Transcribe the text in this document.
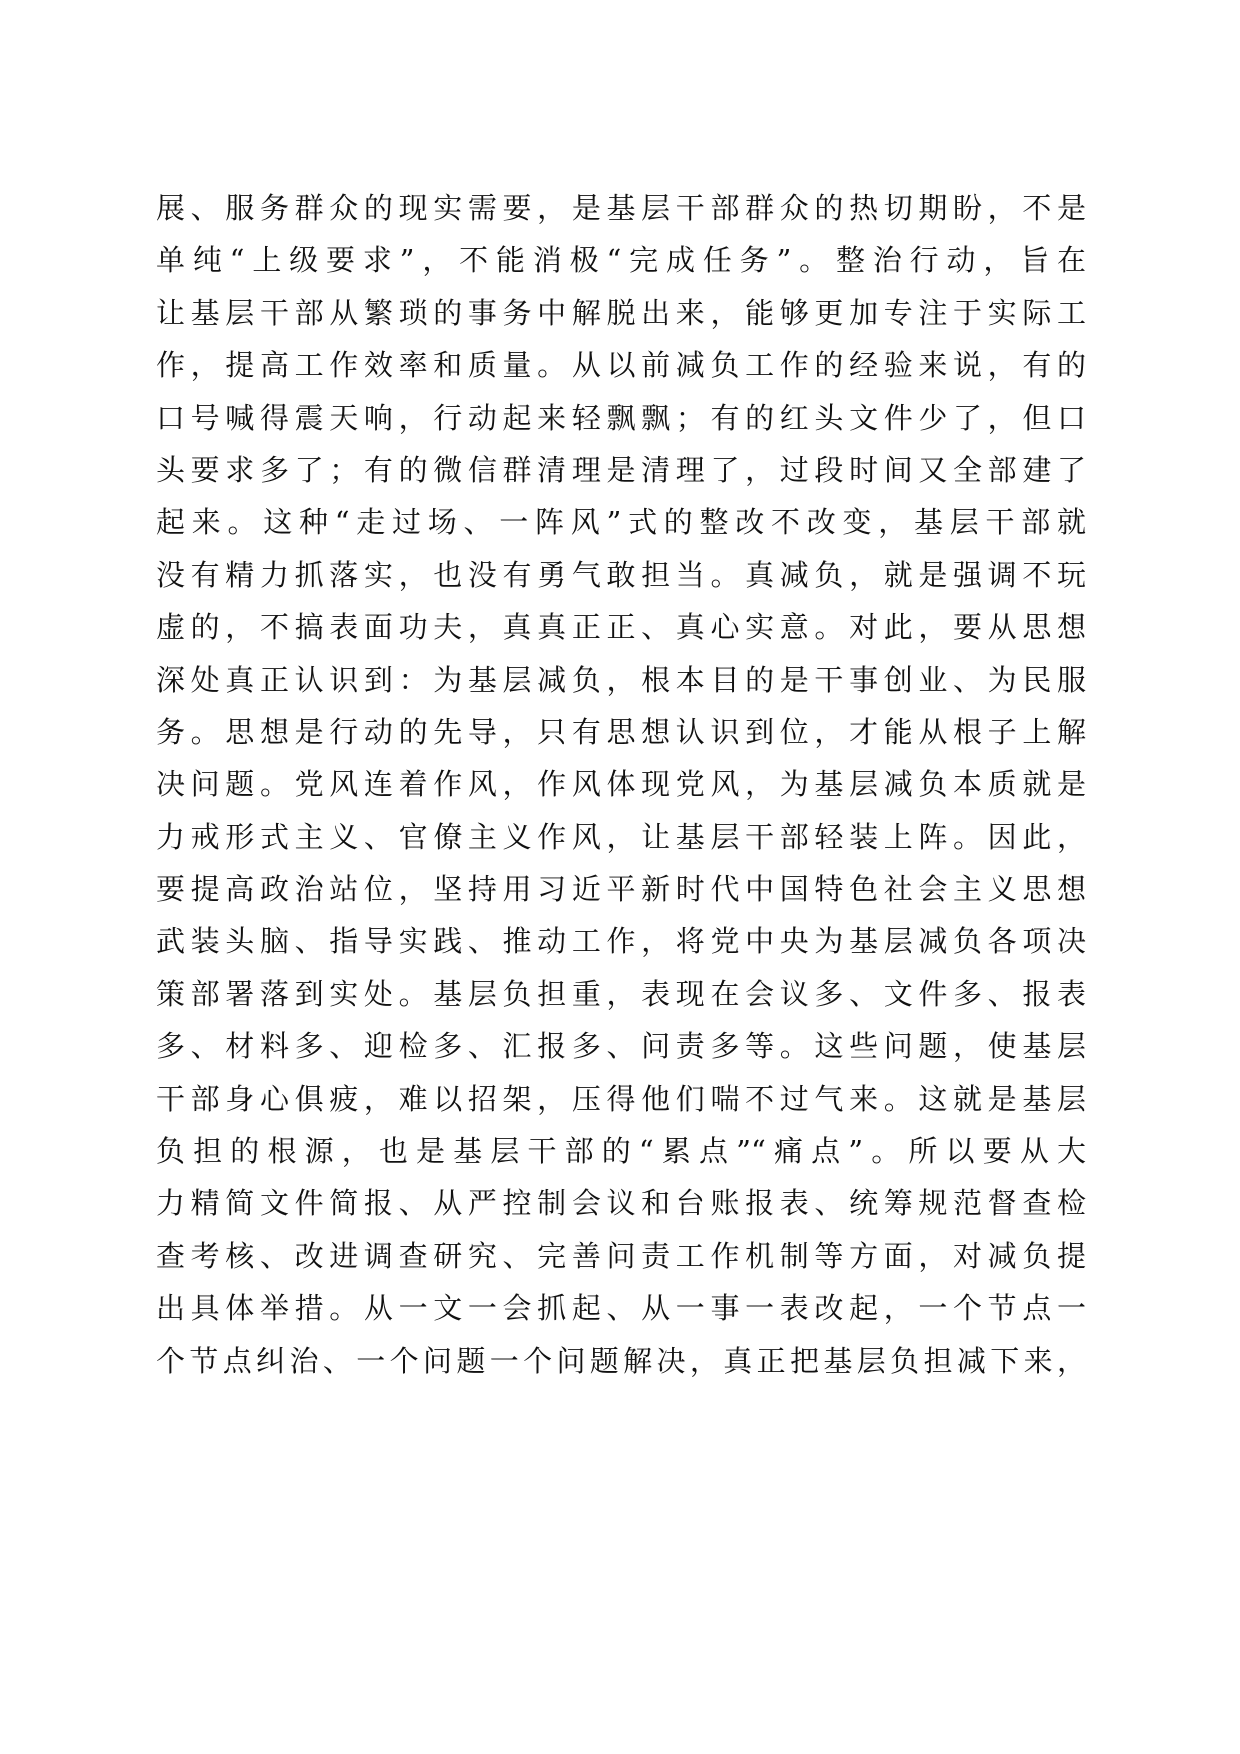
展、服务群众的现实需要，是基层干部群众的热切期盼，不是
单纯“上级要求”，不能消极“完成任务”。整治行动，旨在
让基层干部从繁琐的事务中解脱出来，能够更加专注于实际工
作，提高工作效率和质量。从以前减负工作的经验来说，有的
口号喊得震天响，行动起来轻飘飘；有的红头文件少了，但口
头要求多了；有的微信群清理是清理了，过段时间又全部建了
起来。这种“走过场、一阵风”式的整改不改变，基层干部就
没有精力抓落实，也没有勇气敢担当。真减负，就是强调不玩
虚的，不搞表面功夫，真真正正、真心实意。对此，要从思想
深处真正认识到：为基层减负，根本目的是干事创业、为民服
务。思想是行动的先导，只有思想认识到位，才能从根子上解
决问题。党风连着作风，作风体现党风，为基层减负本质就是
力戒形式主义、官僚主义作风，让基层干部轻装上阵。因此，
要提高政治站位，坚持用习近平新时代中国特色社会主义思想
武装头脑、指导实践、推动工作，将党中央为基层减负各项决
策部署落到实处。基层负担重，表现在会议多、文件多、报表
多、材料多、迎检多、汇报多、问责多等。这些问题，使基层
干部身心俱疲，难以招架，压得他们喘不过气来。这就是基层
负担的根源，也是基层干部的“累点”“痛点”。所以要从大
力精简文件简报、从严控制会议和台账报表、统筹规范督查检
查考核、改进调查研究、完善问责工作机制等方面，对减负提
出具体举措。从一文一会抓起、从一事一表改起，一个节点一
个节点纠治、一个问题一个问题解决，真正把基层负担减下来，
